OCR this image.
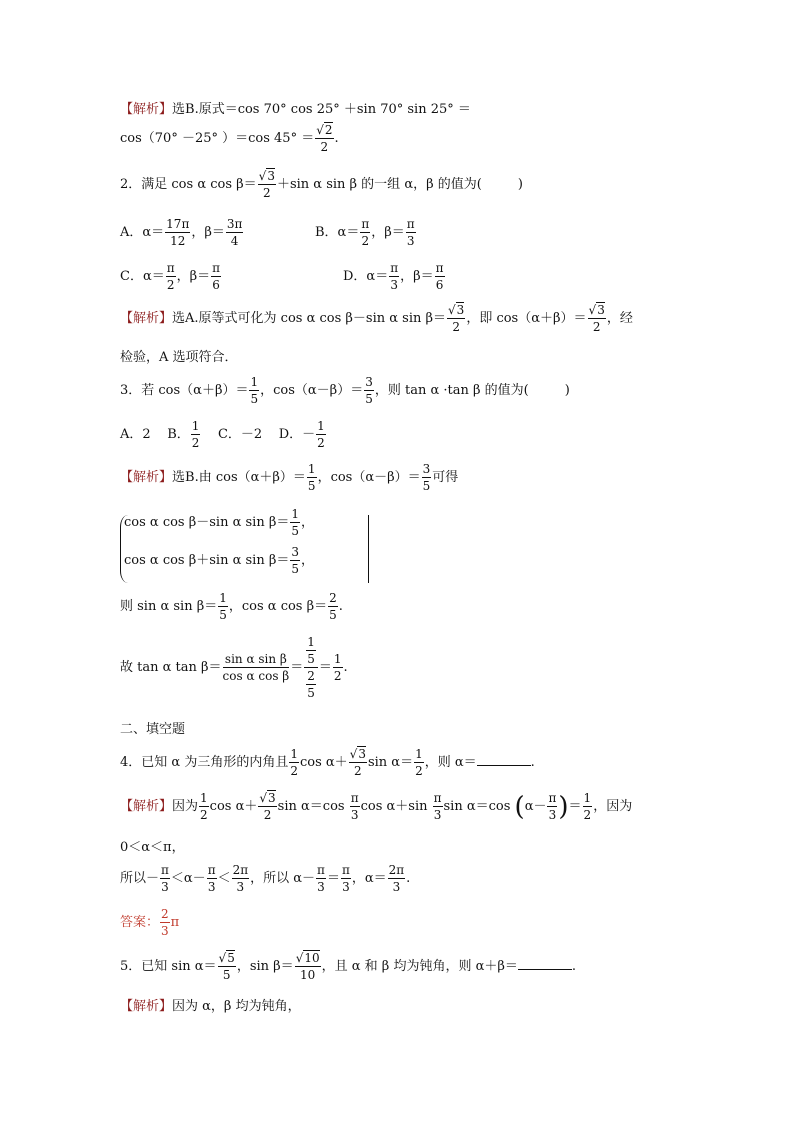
【解析】选B.原式＝cos 70° cos 25° ＋sin 70° sin 25° ＝
cos（70° －25° ）＝cos $45^\circ = \frac{√2}{2}$ .
2．满足 cos α $\cos \beta= \frac{√3}{2} +\sin$ α sin β 的一组 α，β 的值为(	)
A．$\alpha= \frac{17\pi}{12}$ ，$\beta= \frac{3\pi}{4}$	B．$\alpha= \frac{\pi}{2}$ ，$\beta= \frac{\pi}{3}$
C．$\alpha= \frac{\pi}{2}$ ，$\beta= \frac{\pi}{6}$	D．$\alpha= \frac{\pi}{3}$ ，$\beta= \frac{\pi}{6}$
【解析】选A.原等式可化为 cos α cos β－sin α $\sin \beta= \frac{√3}{2}$ ，即 $\cos(\alpha+\beta)= \frac{√3}{2}$ ，经
检验，A 选项符合．
3．若 $\cos(\alpha+\beta)= \frac{1}{5}$ ，$\cos(\alpha-\beta)= \frac{3}{5}$ ，则 tan α ·tan β 的值为(	)
A．2 B． $\frac{1}{2}$ C．－2 D．－ $\frac{1}{2}$
【解析】选B.由 $\cos(\alpha+\beta)= \frac{1}{5}$ ，$\cos(\alpha-\beta)= \frac{3}{5}$ 可得
cos α cos β－sin α $\sin \beta= \frac{1}{5}$ ，
cos α cos β＋sin α $\sin \beta= \frac{3}{5}$ ，
则 sin α $\sin \beta= \frac{1}{5}$ ，cos α $\cos \beta= \frac{2}{5}$ .
故 tan α $\tan \beta= \frac{\text{sin α sin β}}{\text{cos α cos β}} = \frac{\frac{1}{5}}{\frac{2}{5}} = \frac{1}{2}$ .
二、填空题
4．已知 α 为三角形的内角且 $\frac{1}{2}$ $\cos \alpha+ \frac{√3}{2}$ $\sin \alpha= \frac{1}{2}$ ，则 α＝	.
【解析】因为 $\frac{1}{2}$ $\cos \alpha+ \frac{√3}{2}$ $\sin \alpha=\cos \frac{\pi}{3}$ $\cos \alpha+\sin \frac{\pi}{3}$ sin α＝cos ($\alpha- \frac{\pi}{3}$ )＝ $\frac{1}{2}$ ，因为
0＜α＜π，
所以－ $\frac{\pi}{3} <\alpha- \frac{\pi}{3} < \frac{2\pi}{3}$ ，所以 $\alpha- \frac{\pi}{3} = \frac{\pi}{3}$ ，$\alpha= \frac{2\pi}{3}$ .
答案： $\frac{2}{3}$ π
5．已知 $\sin \alpha= \frac{√5}{5}$ ，$\sin \beta= \frac{√10}{10}$ ，且 α 和 β 均为钝角，则 α＋β＝	.
【解析】因为 α，β 均为钝角，
